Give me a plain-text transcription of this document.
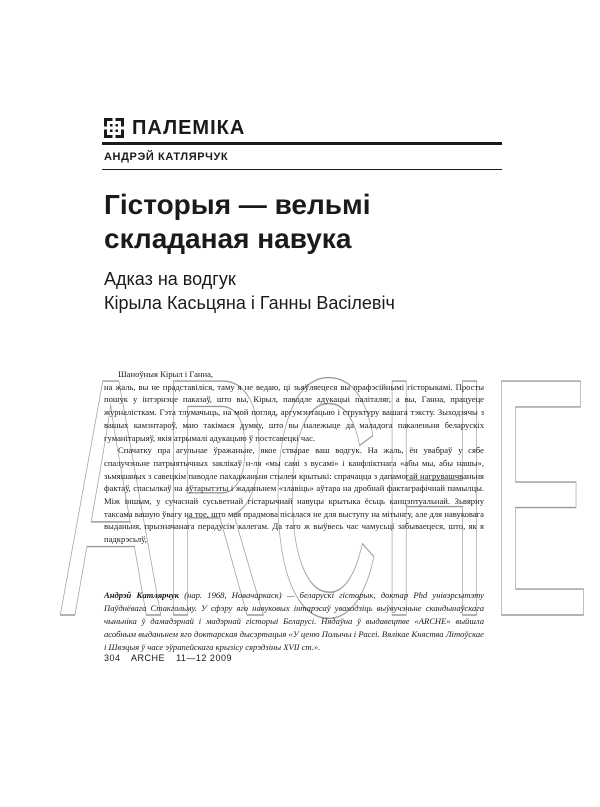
ARCHE
ПАЛЕМІКА
АНДРЭЙ КАТЛЯРЧУК
Гісторыя — вельмі
складаная навука
Адказ на водгук
Кірыла Касьцяна і Ганны Васілевіч

Шаноўныя Кірыл і Ганна,

на жаль, вы не прадставіліся, таму я не ведаю, ці зьяўляецеся вы прафэсійнымі гісторыкамі. Просты пошук у інтэрнэце паказаў, што вы, Кірыл, паводле адукацыі паліталяг, а вы, Ганна, працуеце журналісткам. Гэта тлумачыць, на мой погляд, аргумэнтацыю і структуру вашага тэксту. Зыходзячы з вашых камэнтароў, маю такімася думку, што вы належыце да маладога пакаленьня беларускіх гуманітарыяў, якія атрымалі адукацыю ў постсавецкі час.

Спачатку пра агульнае ўражаньне, якое стварае ваш водгук. На жаль, ён увабраў у сябе спалучэньне патрыятычных заклікаў н-ля «мы самі з вусамі» і канфліктнага «абы мы, абы нашы», зьмяшаных з савецкім паводле пахаджаньня стылем крытыкі: спрачацца з дапамогай нагрувашчваньня фактаў, спасылкаў на аўтарытэты і жаданьнем «злавіць» аўтара на дробнай фактаграфічнай памылцы. Між іншым, у сучаснай сусьветнай гістарычнай навуцы крытыка ёсьць канцэптуальнай. Зьвярну таксама вашую ўвагу на тое, што мая прадмова пісалася не для выступу на мітынгу, але для навуковага выданьня, прызначанага перадусім калегам. Да таго ж выўвесь час чамусьці забываецеся, што, як я падкрэсьлў,

Андрэй Катлярчук (нар. 1968, Новачаркаск) — беларускі гісторык, доктар Phd унівэрсытэту Паўднёвага Стакгольму. У сфэру яго навуковых інтарэсаў уваходзіць выўвучэньне скандынаўскага чыньніка ў дамадэрнай і мадэрнай гісторыі Беларусі. Нядаўна ў выдавецтве «ARCHE» выйшла асобным выданьнем яго доктарская дысэртацыя «У ценю Полычы і Расеі. Вялікае Княства Літоўскае і Швэцыя ў часе эўрапейскага крызісу сярэдзіны XVII ст.».
304 ARCHE 11—12 2009
